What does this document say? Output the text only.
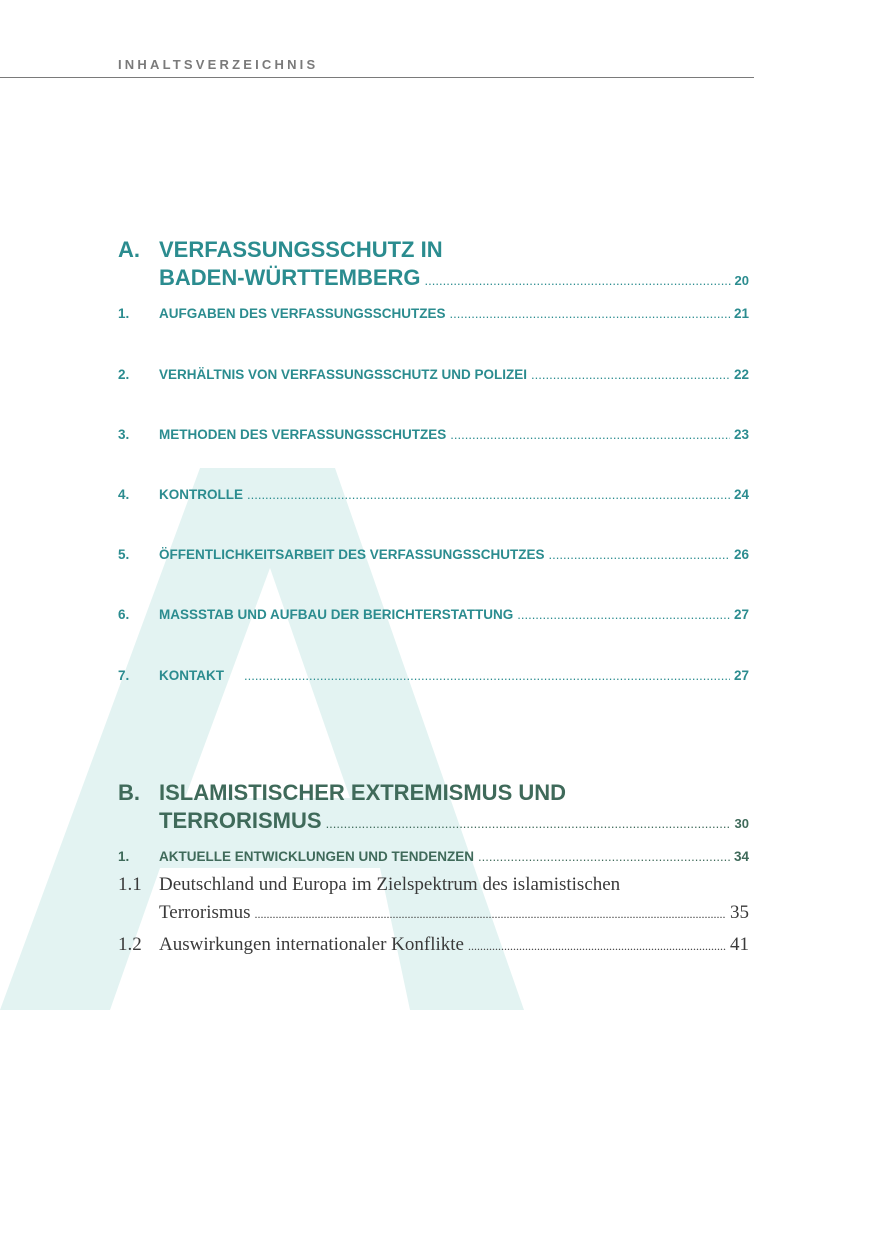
INHALTSVERZEICHNIS
A. VERFASSUNGSSCHUTZ IN
BADEN-WÜRTTEMBERG .....	20
1.	AUFGABEN DES VERFASSUNGSSCHUTZES .....	21
2.	VERHÄLTNIS VON VERFASSUNGSSCHUTZ UND POLIZEI .....	22
3.	METHODEN DES VERFASSUNGSSCHUTZES .....	23
4.	KONTROLLE .....	24
5.	ÖFFENTLICHKEITSARBEIT DES VERFASSUNGSSCHUTZES .....	26
6.	MASSSTAB UND AUFBAU DER BERICHTERSTATTUNG .....	27
7.	KONTAKT .....	27
B. ISLAMISTISCHER EXTREMISMUS UND
TERRORISMUS .....	30
1.	AKTUELLE ENTWICKLUNGEN UND TENDENZEN .....	34
1.1 Deutschland und Europa im Zielspektrum des islamistischen
Terrorismus .....	35
1.2 Auswirkungen internationaler Konflikte .....	41
